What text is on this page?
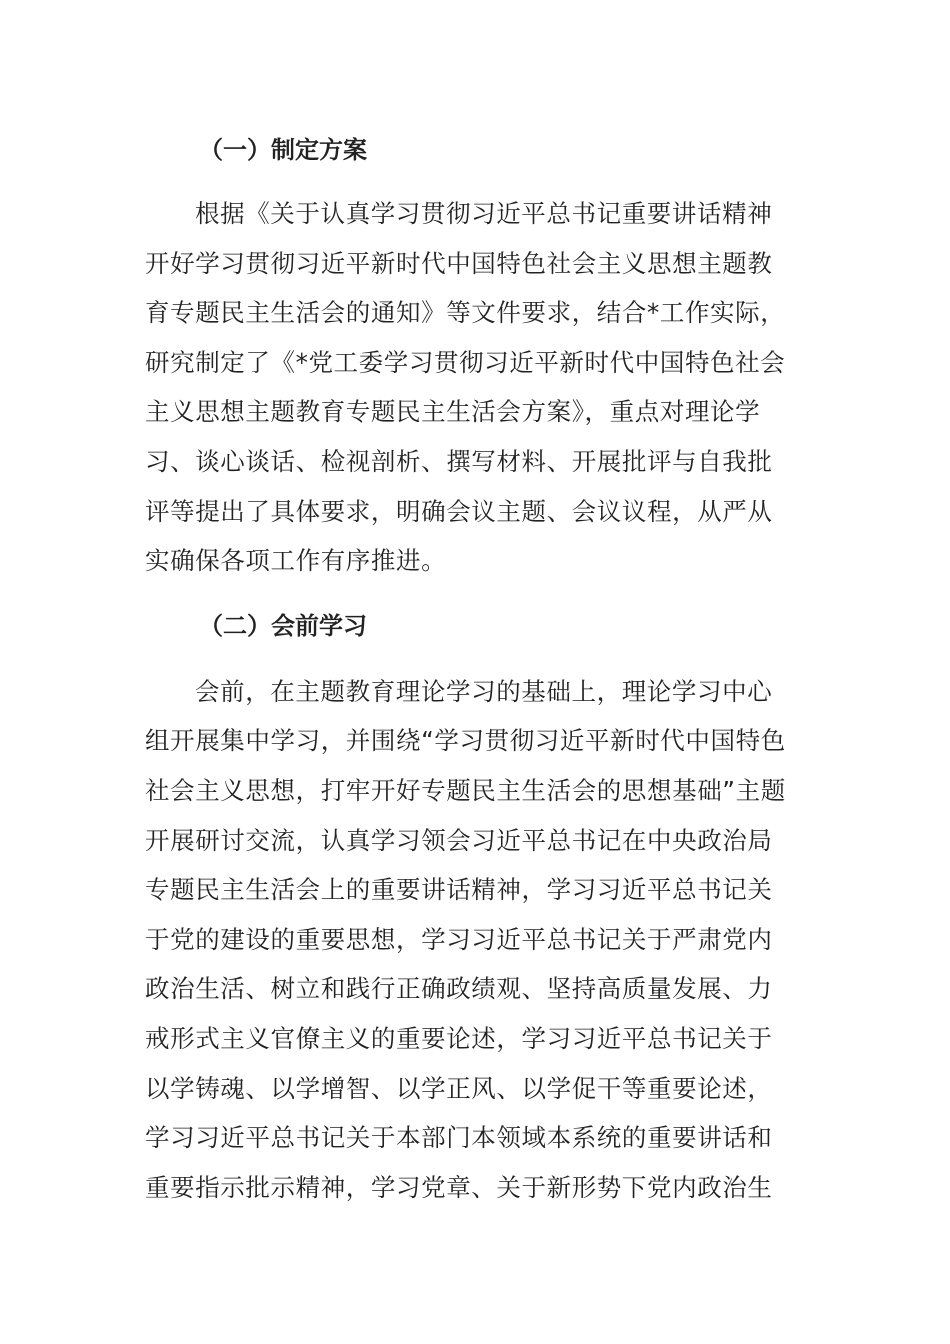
（一）制定方案
根据《关于认真学习贯彻习近平总书记重要讲话精神
开好学习贯彻习近平新时代中国特色社会主义思想主题教
育专题民主生活会的通知》等文件要求，结合*工作实际，
研究制定了《*党工委学习贯彻习近平新时代中国特色社会
主义思想主题教育专题民主生活会方案》，重点对理论学
习、谈心谈话、检视剖析、撰写材料、开展批评与自我批
评等提出了具体要求，明确会议主题、会议议程，从严从
实确保各项工作有序推进。
（二）会前学习
会前，在主题教育理论学习的基础上，理论学习中心
组开展集中学习，并围绕“学习贯彻习近平新时代中国特色
社会主义思想，打牢开好专题民主生活会的思想基础”主题
开展研讨交流，认真学习领会习近平总书记在中央政治局
专题民主生活会上的重要讲话精神，学习习近平总书记关
于党的建设的重要思想，学习习近平总书记关于严肃党内
政治生活、树立和践行正确政绩观、坚持高质量发展、力
戒形式主义官僚主义的重要论述，学习习近平总书记关于
以学铸魂、以学增智、以学正风、以学促干等重要论述，
学习习近平总书记关于本部门本领域本系统的重要讲话和
重要指示批示精神，学习党章、关于新形势下党内政治生
